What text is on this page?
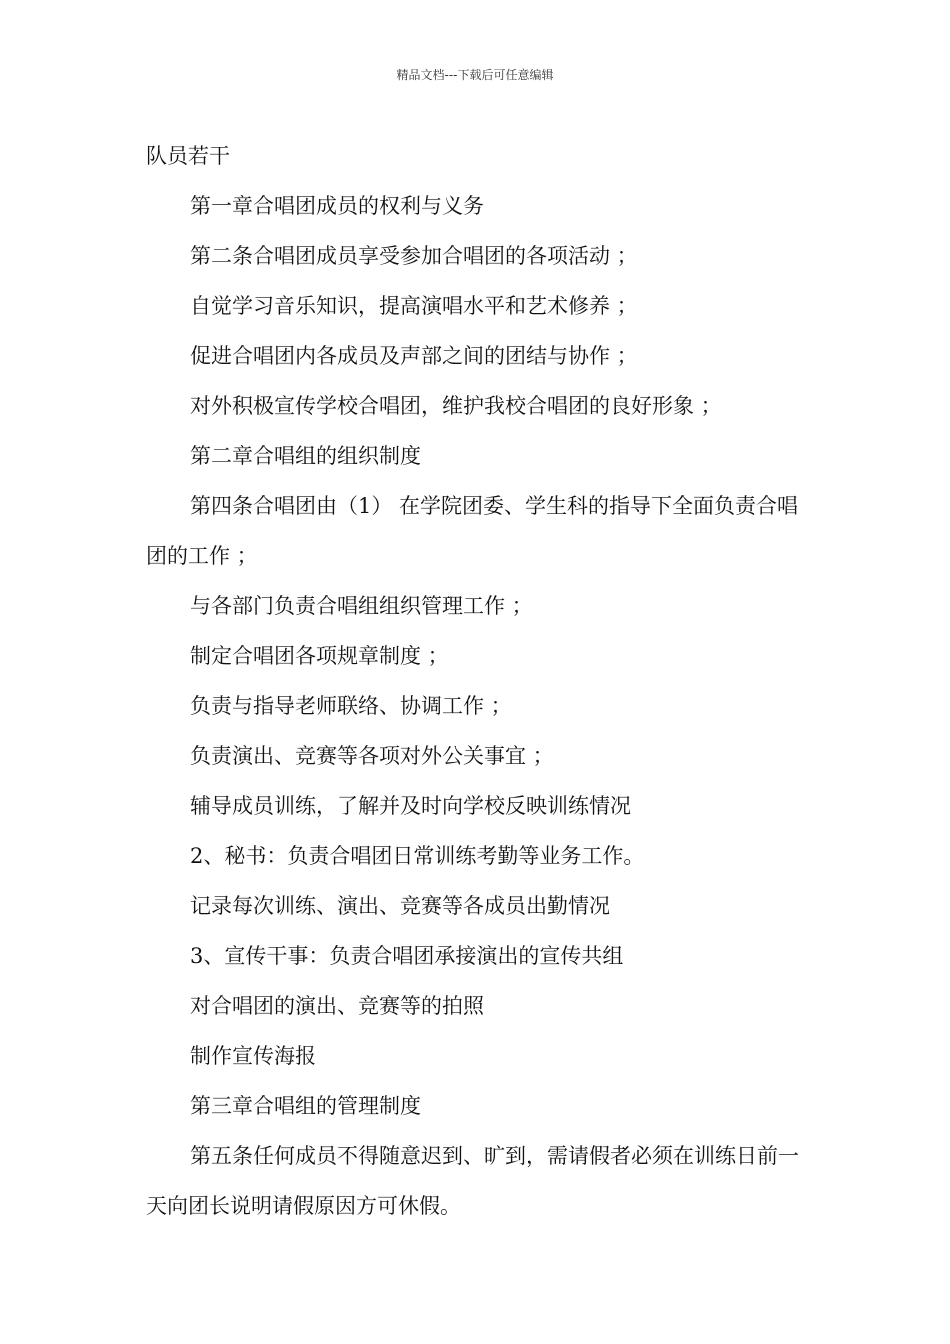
精品文档---下载后可任意编辑

队员若干

第一章合唱团成员的权利与义务

第二条合唱团成员享受参加合唱团的各项活动 ；

自觉学习音乐知识，提高演唱水平和艺术修养 ；

促进合唱团内各成员及声部之间的团结与协作 ；

对外积极宣传学校合唱团，维护我校合唱团的良好形象 ；

第二章合唱组的组织制度

第四条合唱团由（1） 在学院团委、学生科的指导下全面负责合唱团的工作 ；

与各部门负责合唱组组织管理工作 ；

制定合唱团各项规章制度 ；

负责与指导老师联络、协调工作 ；

负责演出、竞赛等各项对外公关事宜 ；

辅导成员训练，了解并及时向学校反映训练情况

2、秘书：负责合唱团日常训练考勤等业务工作。

记录每次训练、演出、竞赛等各成员出勤情况

3、宣传干事：负责合唱团承接演出的宣传共组

对合唱团的演出、竞赛等的拍照

制作宣传海报

第三章合唱组的管理制度

第五条任何成员不得随意迟到、旷到，需请假者必须在训练日前一天向团长说明请假原因方可休假。
